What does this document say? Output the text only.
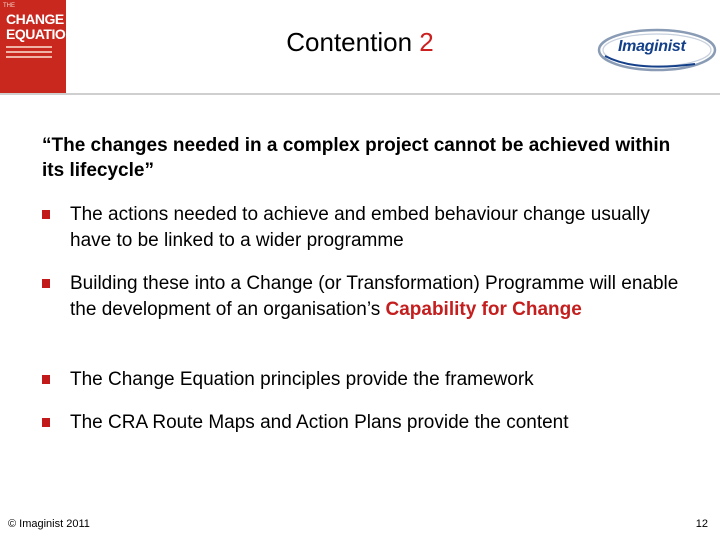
THE
CHANGE EQUATION	Contention 2	Imaginist
“The changes needed in a complex project cannot be achieved within its lifecycle”
The actions needed to achieve and embed behaviour change usually have to be linked to a wider programme
Building these into a Change (or Transformation) Programme will enable the development of an organisation’s Capability for Change
The Change Equation principles provide the framework
The CRA Route Maps and Action Plans provide the content
© Imaginist 2011	12
